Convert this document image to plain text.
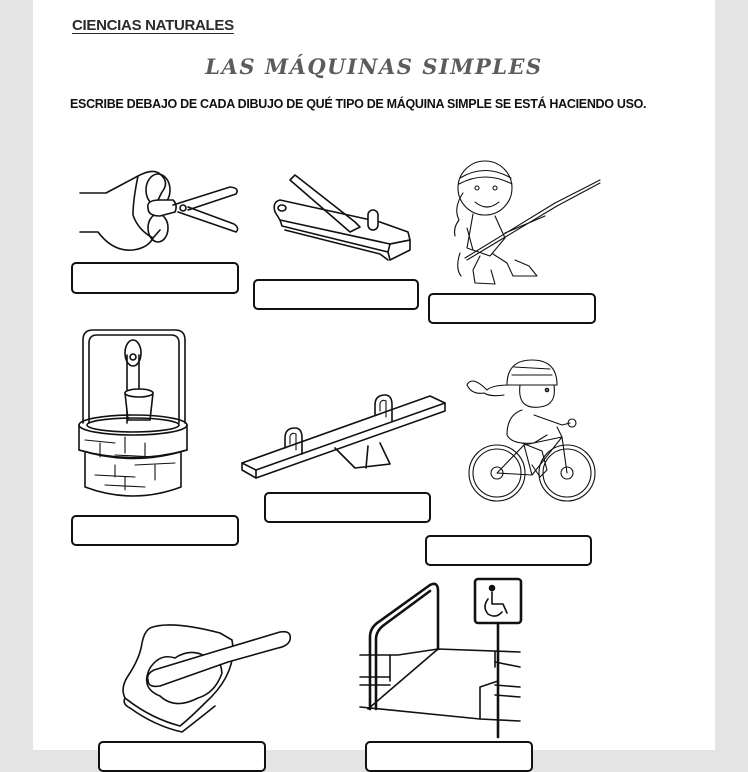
CIENCIAS NATURALES
LAS MÁQUINAS SIMPLES
ESCRIBE DEBAJO DE CADA DIBUJO DE QUÉ TIPO DE MÁQUINA SIMPLE SE ESTÁ HACIENDO USO.
